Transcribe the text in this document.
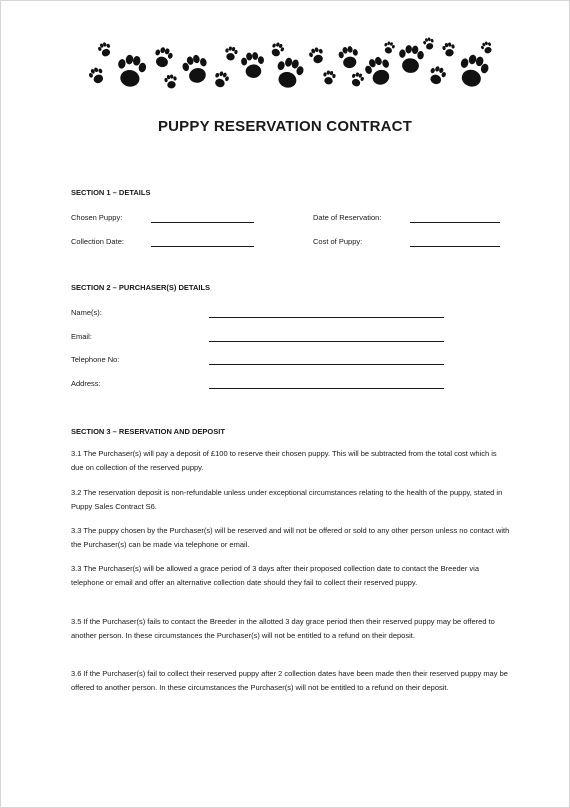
PUPPY RESERVATION CONTRACT
SECTION 1 – DETAILS
Chosen Puppy:	Date of Reservation:
Collection Date:	Cost of Puppy:
SECTION 2 – PURCHASER(S) DETAILS
Name(s):
Email:
Telephone No:
Address:
SECTION 3 – RESERVATION AND DEPOSIT
3.1 The Purchaser(s) will pay a deposit of £100 to reserve their chosen puppy. This will be subtracted from the total cost which is due on collection of the reserved puppy.
3.2 The reservation deposit is non-refundable unless under exceptional circumstances relating to the health of the puppy, stated in Puppy Sales Contract S6.
3.3 The puppy chosen by the Purchaser(s) will be reserved and will not be offered or sold to any other person unless no contact with the Purchaser(s) can be made via telephone or email.
3.3 The Purchaser(s) will be allowed a grace period of 3 days after their proposed collection date to contact the Breeder via telephone or email and offer an alternative collection date should they fail to collect their reserved puppy.
3.5 If the Purchaser(s) fails to contact the Breeder in the allotted 3 day grace period then their reserved puppy may be offered to another person. In these circumstances the Purchaser(s) will not be entitled to a refund on their deposit.
3.6 If the Purchaser(s) fail to collect their reserved puppy after 2 collection dates have been made then their reserved puppy may be offered to another person. In these circumstances the Purchaser(s) will not be entitled to a refund on their deposit.
